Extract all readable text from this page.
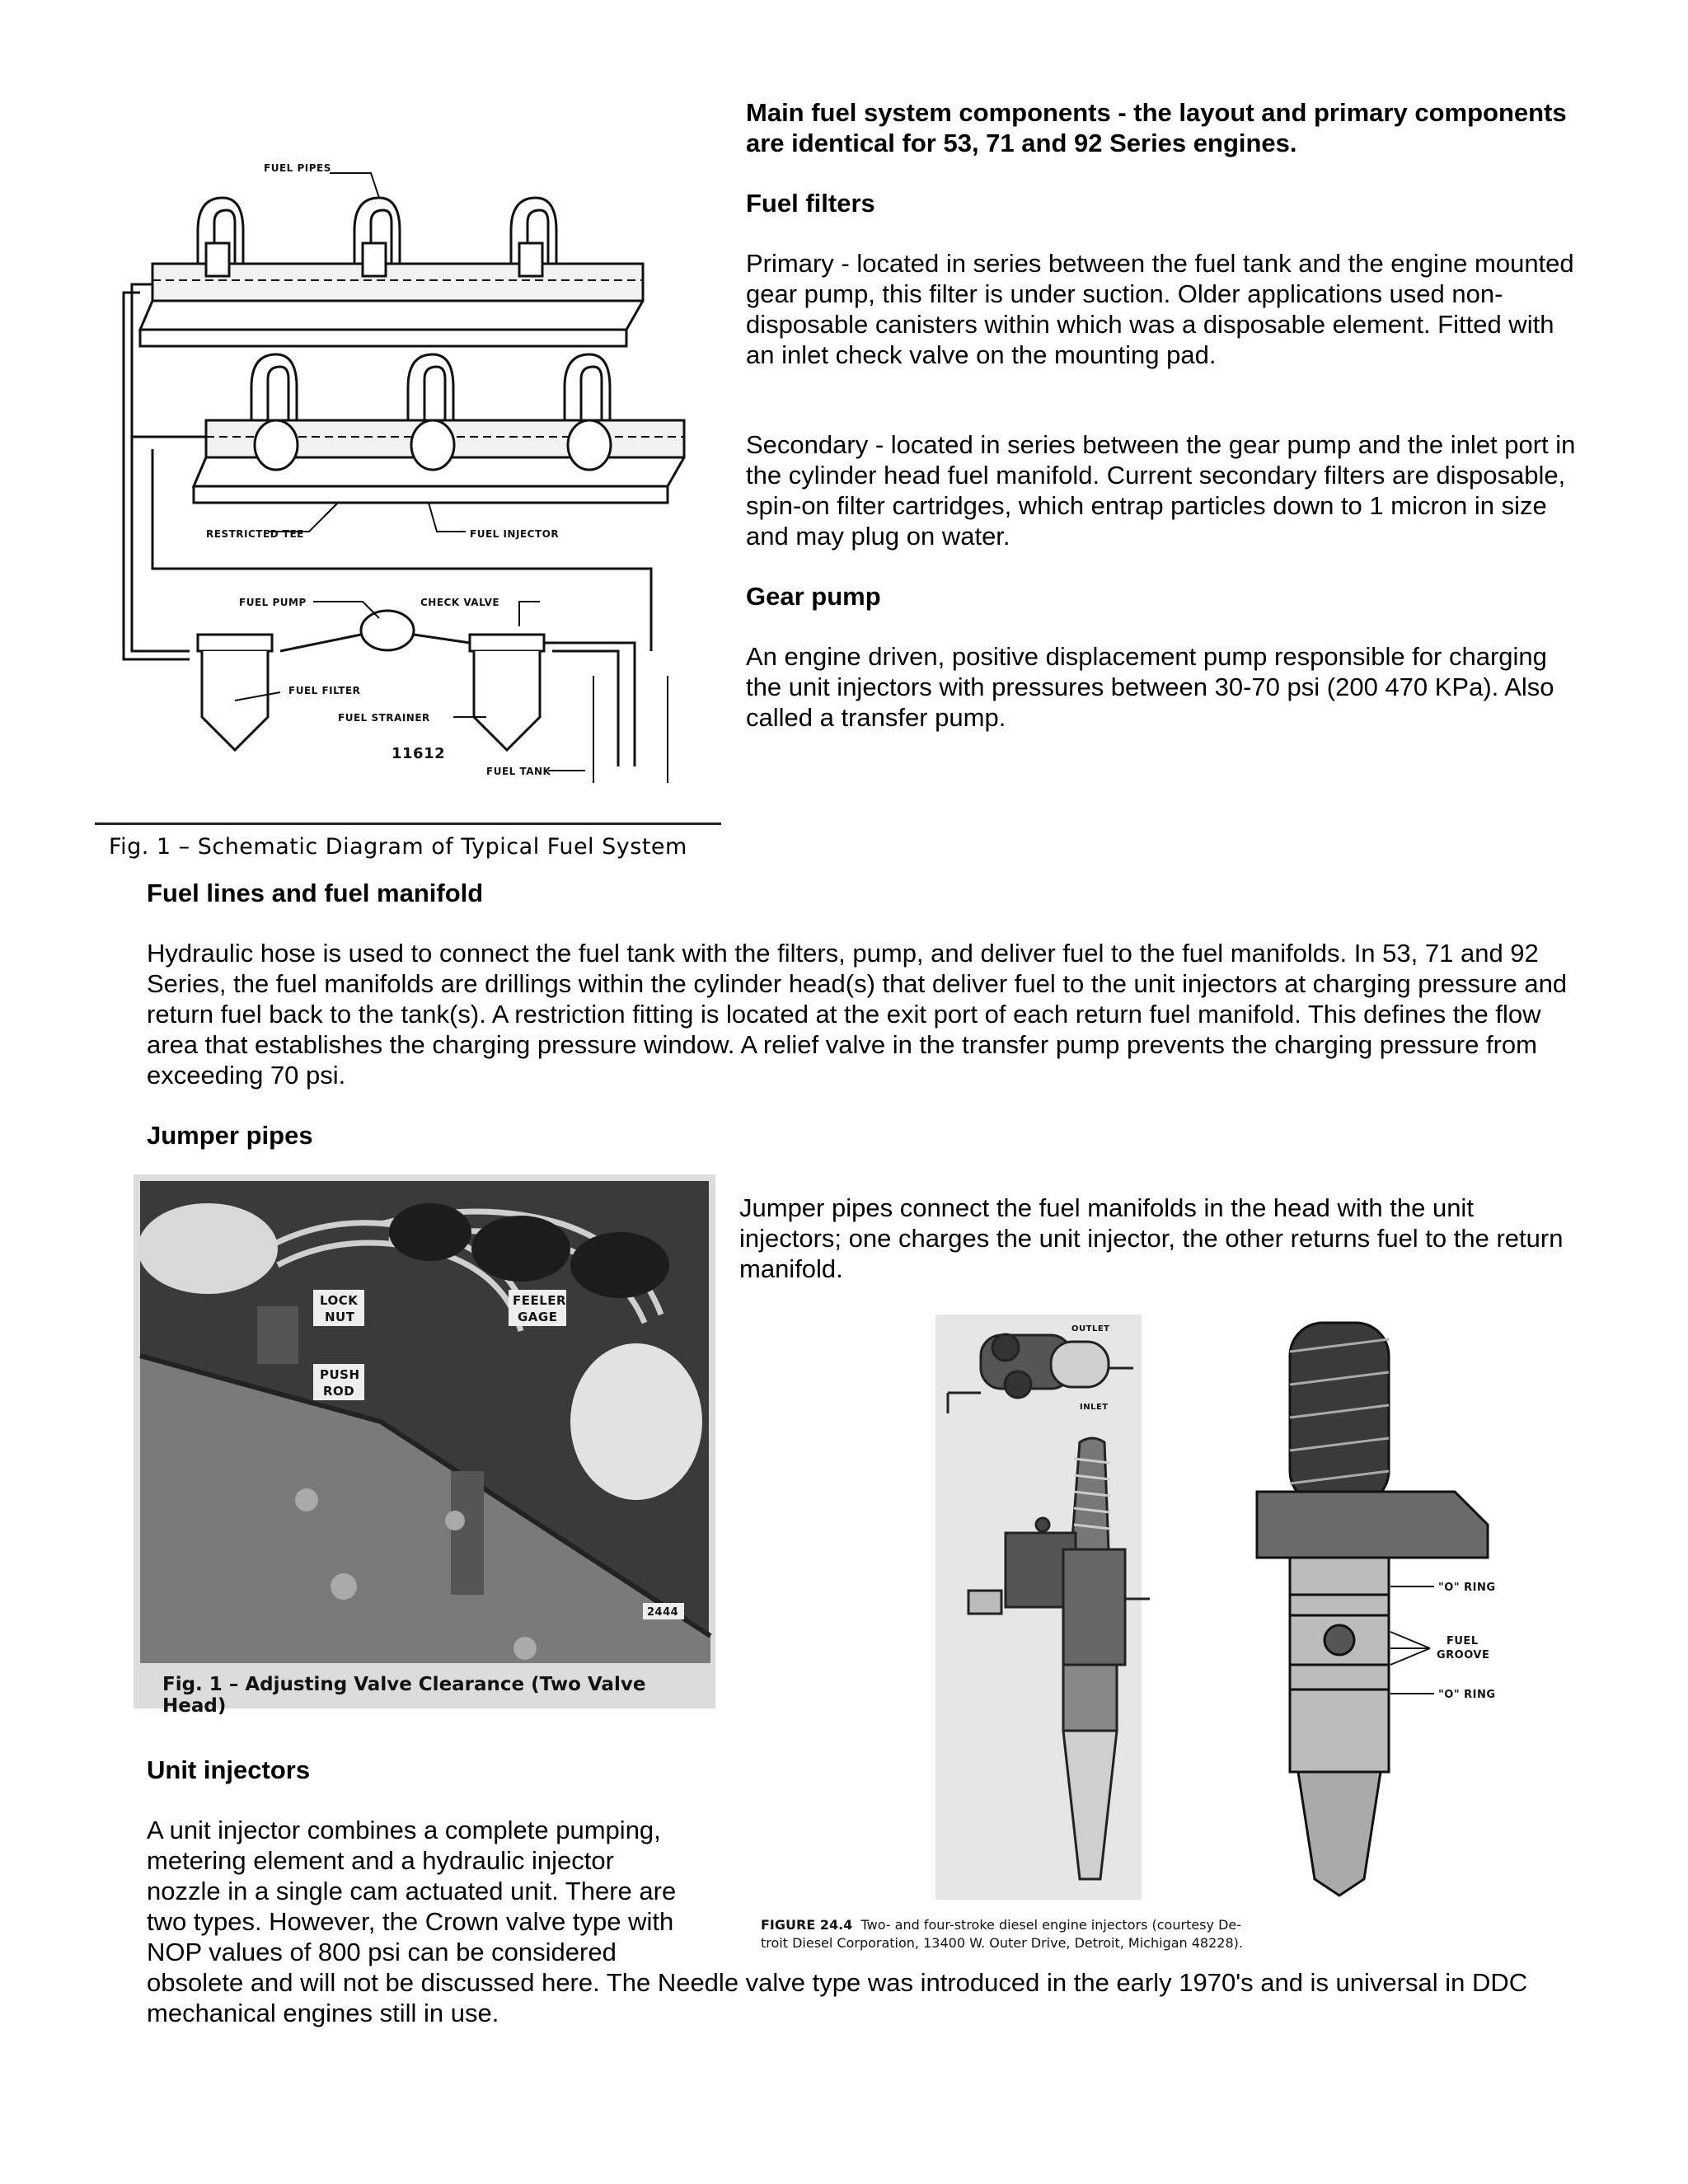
FUEL PIPES
RESTRICTED TEE	FUEL INJECTOR
FUEL PUMP	CHECK VALVE
FUEL FILTER
FUEL STRAINER
FUEL TANK
11612
Fig. 1 – Schematic Diagram of Typical Fuel System

Main fuel system components - the layout and primary components are identical for 53, 71 and 92 Series engines.

Fuel filters

Primary - located in series between the fuel tank and the engine mounted gear pump, this filter is under suction. Older applications used non-disposable canisters within which was a disposable element. Fitted with an inlet check valve on the mounting pad.

Secondary - located in series between the gear pump and the inlet port in the cylinder head fuel manifold. Current secondary filters are disposable, spin-on filter cartridges, which entrap particles down to 1 micron in size and may plug on water.

Gear pump

An engine driven, positive displacement pump responsible for charging the unit injectors with pressures between 30-70 psi (200 470 KPa). Also called a transfer pump.

Fuel lines and fuel manifold

Hydraulic hose is used to connect the fuel tank with the filters, pump, and deliver fuel to the fuel manifolds. In 53, 71 and 92 Series, the fuel manifolds are drillings within the cylinder head(s) that deliver fuel to the unit injectors at charging pressure and return fuel back to the tank(s). A restriction fitting is located at the exit port of each return fuel manifold. This defines the flow area that establishes the charging pressure window. A relief valve in the transfer pump prevents the charging pressure from exceeding 70 psi.

Jumper pipes

LOCK
NUT
FEELER
GAGE
PUSH
ROD
2444
Fig. 1 – Adjusting Valve Clearance (Two Valve Head)

Jumper pipes connect the fuel manifolds in the head with the unit injectors; one charges the unit injector, the other returns fuel to the return manifold.

OUTLET
INLET
"O" RING
FUEL
GROOVE
"O" RING
FIGURE 24.4 Two- and four-stroke diesel engine injectors (courtesy De-
troit Diesel Corporation, 13400 W. Outer Drive, Detroit, Michigan 48228).

Unit injectors

A unit injector combines a complete pumping,

metering element and a hydraulic injector

nozzle in a single cam actuated unit. There are

two types. However, the Crown valve type with

NOP values of 800 psi can be considered

obsolete and will not be discussed here. The Needle valve type was introduced in the early 1970's and is universal in DDC mechanical engines still in use.
